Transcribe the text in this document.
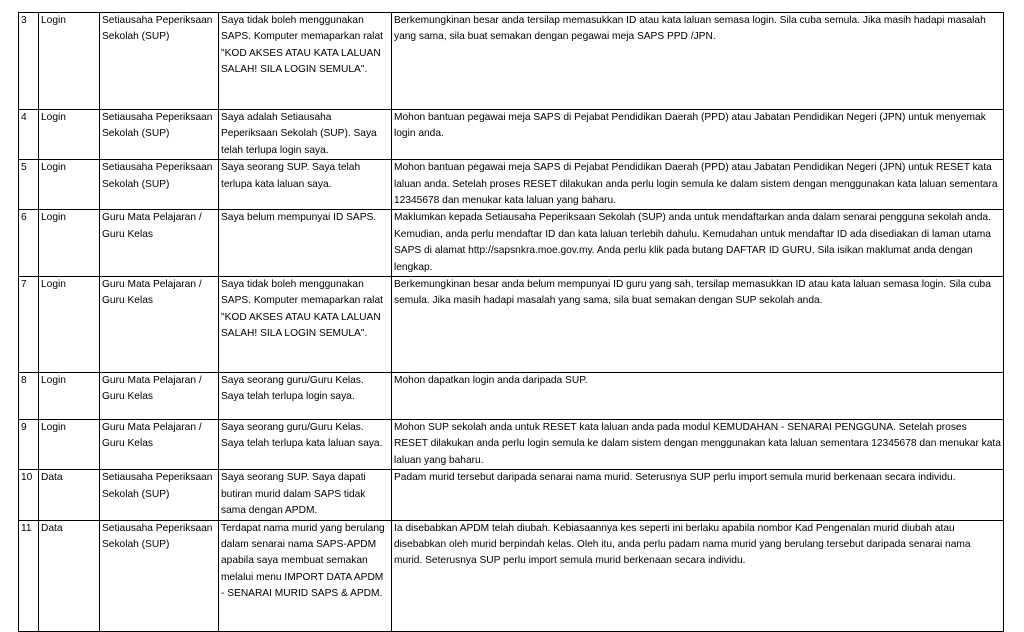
3	Login	Setiausaha Peperiksaan Sekolah (SUP)	Saya tidak boleh menggunakan SAPS. Komputer memaparkan ralat "KOD AKSES ATAU KATA LALUAN SALAH! SILA LOGIN SEMULA".	Berkemungkinan besar anda tersilap memasukkan ID atau kata laluan semasa login. Sila cuba semula. Jika masih hadapi masalah yang sama, sila buat semakan dengan pegawai meja SAPS PPD /JPN.
4	Login	Setiausaha Peperiksaan Sekolah (SUP)	Saya adalah Setiausaha Peperiksaan Sekolah (SUP). Saya telah terlupa login saya.	Mohon bantuan pegawai meja SAPS di Pejabat Pendidikan Daerah (PPD) atau Jabatan Pendidikan Negeri (JPN) untuk menyemak login anda.
5	Login	Setiausaha Peperiksaan Sekolah (SUP)	Saya seorang SUP. Saya telah terlupa kata laluan saya.	Mohon bantuan pegawai meja SAPS di Pejabat Pendidikan Daerah (PPD) atau Jabatan Pendidikan Negeri (JPN) untuk RESET kata laluan anda. Setelah proses RESET dilakukan anda perlu login semula ke dalam sistem dengan menggunakan kata laluan sementara 12345678 dan menukar kata laluan yang baharu.
6	Login	Guru Mata Pelajaran / Guru Kelas	Saya belum mempunyai ID SAPS.	Maklumkan kepada Setiausaha Peperiksaan Sekolah (SUP) anda untuk mendaftarkan anda dalam senarai pengguna sekolah anda. Kemudian, anda perlu mendaftar ID dan kata laluan terlebih dahulu. Kemudahan untuk mendaftar ID ada disediakan di laman utama SAPS di alamat http://sapsnkra.moe.gov.my. Anda perlu klik pada butang DAFTAR ID GURU. Sila isikan maklumat anda dengan lengkap.
7	Login	Guru Mata Pelajaran / Guru Kelas	Saya tidak boleh menggunakan SAPS. Komputer memaparkan ralat "KOD AKSES ATAU KATA LALUAN SALAH! SILA LOGIN SEMULA".	Berkemungkinan besar anda belum mempunyai ID guru yang sah, tersilap memasukkan ID atau kata laluan semasa login. Sila cuba semula. Jika masih hadapi masalah yang sama, sila buat semakan dengan SUP sekolah anda.
8	Login	Guru Mata Pelajaran / Guru Kelas	Saya seorang guru/Guru Kelas. Saya telah terlupa login saya.	Mohon dapatkan login anda daripada SUP.
9	Login	Guru Mata Pelajaran / Guru Kelas	Saya seorang guru/Guru Kelas. Saya telah terlupa kata laluan saya.	Mohon SUP sekolah anda untuk RESET kata laluan anda pada modul KEMUDAHAN - SENARAI PENGGUNA. Setelah proses RESET dilakukan anda perlu login semula ke dalam sistem dengan menggunakan kata laluan sementara 12345678 dan menukar kata laluan yang baharu.
10	Data	Setiausaha Peperiksaan Sekolah (SUP)	Saya seorang SUP. Saya dapati butiran murid dalam SAPS tidak sama dengan APDM.	Padam murid tersebut daripada senarai nama murid. Seterusnya SUP perlu import semula murid berkenaan secara individu.
11	Data	Setiausaha Peperiksaan Sekolah (SUP)	Terdapat nama murid yang berulang dalam senarai nama SAPS-APDM apabila saya membuat semakan melalui menu IMPORT DATA APDM - SENARAI MURID SAPS & APDM.	Ia disebabkan APDM telah diubah. Kebiasaannya kes seperti ini berlaku apabila nombor Kad Pengenalan murid diubah atau disebabkan oleh murid berpindah kelas. Oleh itu, anda perlu padam nama murid yang berulang tersebut daripada senarai nama murid. Seterusnya SUP perlu import semula murid berkenaan secara individu.
